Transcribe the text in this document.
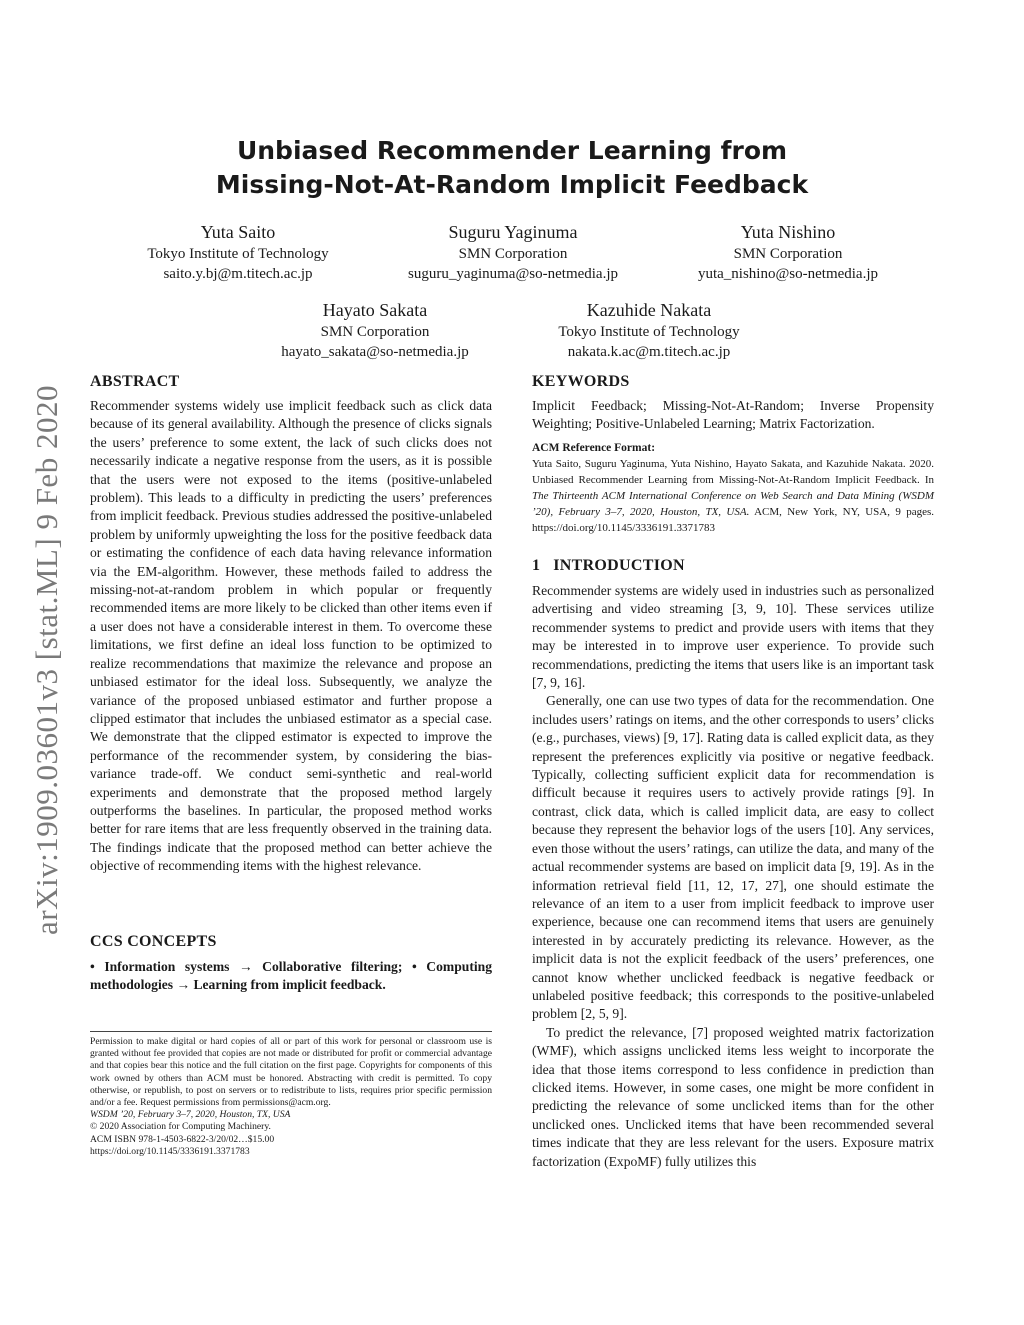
arXiv:1909.03601v3 [stat.ML] 9 Feb 2020
Unbiased Recommender Learning from
Missing-Not-At-Random Implicit Feedback
Yuta Saito
Tokyo Institute of Technology
saito.y.bj@m.titech.ac.jp
Suguru Yaginuma
SMN Corporation
suguru_yaginuma@so-netmedia.jp
Yuta Nishino
SMN Corporation
yuta_nishino@so-netmedia.jp
Hayato Sakata
SMN Corporation
hayato_sakata@so-netmedia.jp
Kazuhide Nakata
Tokyo Institute of Technology
nakata.k.ac@m.titech.ac.jp
ABSTRACT

Recommender systems widely use implicit feedback such as click data because of its general availability. Although the presence of clicks signals the users’ preference to some extent, the lack of such clicks does not necessarily indicate a negative response from the users, as it is possible that the users were not exposed to the items (positive-unlabeled problem). This leads to a difficulty in predicting the users’ preferences from implicit feedback. Previous studies addressed the positive-unlabeled problem by uniformly upweighting the loss for the positive feedback data or estimating the confidence of each data having relevance information via the EM-algorithm. However, these methods failed to address the missing-not-at-random problem in which popular or frequently recommended items are more likely to be clicked than other items even if a user does not have a considerable interest in them. To overcome these limitations, we first define an ideal loss function to be optimized to realize recommendations that maximize the relevance and propose an unbiased estimator for the ideal loss. Subsequently, we analyze the variance of the proposed unbiased estimator and further propose a clipped estimator that includes the unbiased estimator as a special case. We demonstrate that the clipped estimator is expected to improve the performance of the recommender system, by considering the bias-variance trade-off. We conduct semi-synthetic and real-world experiments and demonstrate that the proposed method largely outperforms the baselines. In particular, the proposed method works better for rare items that are less frequently observed in the training data. The findings indicate that the proposed method can better achieve the objective of recommending items with the highest relevance.

CCS CONCEPTS

• Information systems → Collaborative filtering; • Computing methodologies → Learning from implicit feedback.

Permission to make digital or hard copies of all or part of this work for personal or classroom use is granted without fee provided that copies are not made or distributed for profit or commercial advantage and that copies bear this notice and the full citation on the first page. Copyrights for components of this work owned by others than ACM must be honored. Abstracting with credit is permitted. To copy otherwise, or republish, to post on servers or to redistribute to lists, requires prior specific permission and/or a fee. Request permissions from permissions@acm.org.

WSDM ’20, February 3–7, 2020, Houston, TX, USA

© 2020 Association for Computing Machinery.

ACM ISBN 978-1-4503-6822-3/20/02…$15.00

https://doi.org/10.1145/3336191.3371783

KEYWORDS

Implicit Feedback; Missing-Not-At-Random; Inverse Propensity Weighting; Positive-Unlabeled Learning; Matrix Factorization.

ACM Reference Format:

Yuta Saito, Suguru Yaginuma, Yuta Nishino, Hayato Sakata, and Kazuhide Nakata. 2020. Unbiased Recommender Learning from Missing-Not-At-Random Implicit Feedback. In The Thirteenth ACM International Conference on Web Search and Data Mining (WSDM ’20), February 3–7, 2020, Houston, TX, USA. ACM, New York, NY, USA, 9 pages. https://doi.org/10.1145/3336191.3371783

1 INTRODUCTION

Recommender systems are widely used in industries such as personalized advertising and video streaming [3, 9, 10]. These services utilize recommender systems to predict and provide users with items that they may be interested in to improve user experience. To provide such recommendations, predicting the items that users like is an important task [7, 9, 16].

Generally, one can use two types of data for the recommendation. One includes users’ ratings on items, and the other corresponds to users’ clicks (e.g., purchases, views) [9, 17]. Rating data is called explicit data, as they represent the preferences explicitly via positive or negative feedback. Typically, collecting sufficient explicit data for recommendation is difficult because it requires users to actively provide ratings [9]. In contrast, click data, which is called implicit data, are easy to collect because they represent the behavior logs of the users [10]. Any services, even those without the users’ ratings, can utilize the data, and many of the actual recommender systems are based on implicit data [9, 19]. As in the information retrieval field [11, 12, 17, 27], one should estimate the relevance of an item to a user from implicit feedback to improve user experience, because one can recommend items that users are genuinely interested in by accurately predicting its relevance. However, as the implicit data is not the explicit feedback of the users’ preferences, one cannot know whether unclicked feedback is negative feedback or unlabeled positive feedback; this corresponds to the positive-unlabeled problem [2, 5, 9].

To predict the relevance, [7] proposed weighted matrix factorization (WMF), which assigns unclicked items less weight to incorporate the idea that those items correspond to less confidence in prediction than clicked items. However, in some cases, one might be more confident in predicting the relevance of some unclicked items than for the other unclicked ones. Unclicked items that have been recommended several times indicate that they are less relevant for the users. Exposure matrix factorization (ExpoMF) fully utilizes this
